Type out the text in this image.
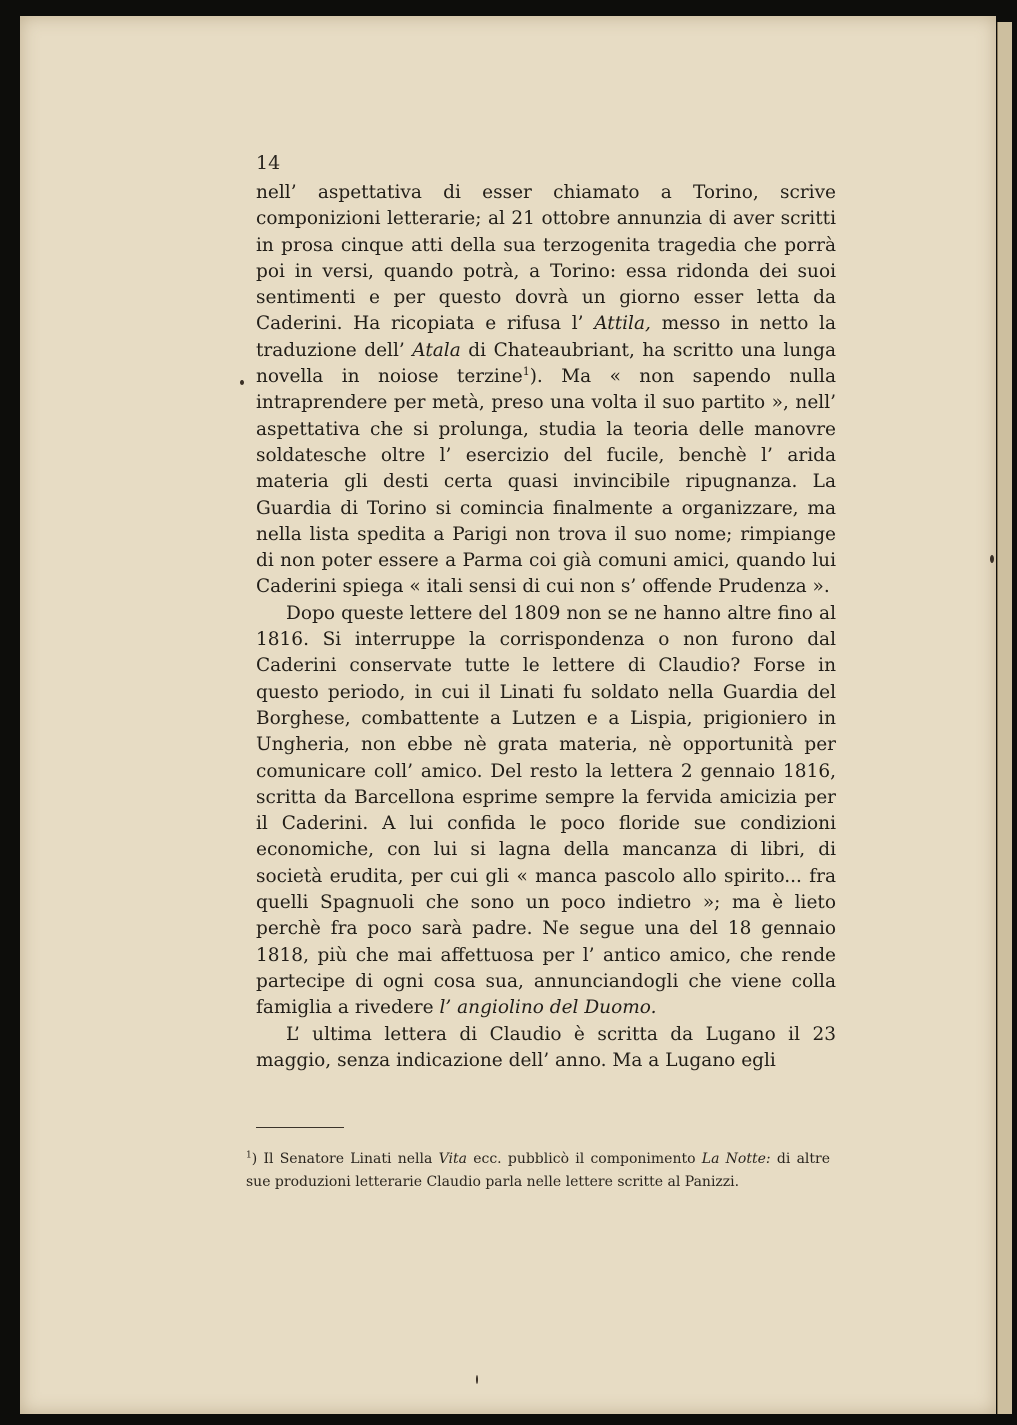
14

nell’ aspettativa di esser chiamato a Torino, scrive componizioni letterarie; al 21 ottobre annunzia di aver scritti in prosa cinque atti della sua terzogenita tragedia che porrà poi in versi, quando potrà, a Torino: essa ridonda dei suoi sentimenti e per questo dovrà un giorno esser letta da Caderini. Ha ricopiata e rifusa l’ Attila, messo in netto la traduzione dell’ Atala di Chateaubriant, ha scritto una lunga novella in noiose terzine$^1$). Ma « non sapendo nulla intraprendere per metà, preso una volta il suo partito », nell’ aspettativa che si prolunga, studia la teoria delle manovre soldatesche oltre l’ esercizio del fucile, benchè l’ arida materia gli desti certa quasi invincibile ripugnanza. La Guardia di Torino si comincia finalmente a organizzare, ma nella lista spedita a Parigi non trova il suo nome; rimpiange di non poter essere a Parma coi già comuni amici, quando lui Caderini spiega « itali sensi di cui non s’ offende Prudenza ».

Dopo queste lettere del 1809 non se ne hanno altre fino al 1816. Si interruppe la corrispondenza o non furono dal Caderini conservate tutte le lettere di Claudio? Forse in questo periodo, in cui il Linati fu soldato nella Guardia del Borghese, combattente a Lutzen e a Lispia, prigioniero in Ungheria, non ebbe nè grata materia, nè opportunità per comunicare coll’ amico. Del resto la lettera 2 gennaio 1816, scritta da Barcellona esprime sempre la fervida amicizia per il Caderini. A lui confida le poco floride sue condizioni economiche, con lui si lagna della mancanza di libri, di società erudita, per cui gli « manca pascolo allo spirito... fra quelli Spagnuoli che sono un poco indietro »; ma è lieto perchè fra poco sarà padre. Ne segue una del 18 gennaio 1818, più che mai affettuosa per l’ antico amico, che rende partecipe di ogni cosa sua, annunciandogli che viene colla famiglia a rivedere l’ angiolino del Duomo.

L’ ultima lettera di Claudio è scritta da Lugano il 23 maggio, senza indicazione dell’ anno. Ma a Lugano egli

$^1$) Il Senatore Linati nella Vita ecc. pubblicò il componimento La Notte: di altre sue produzioni letterarie Claudio parla nelle lettere scritte al Panizzi.
